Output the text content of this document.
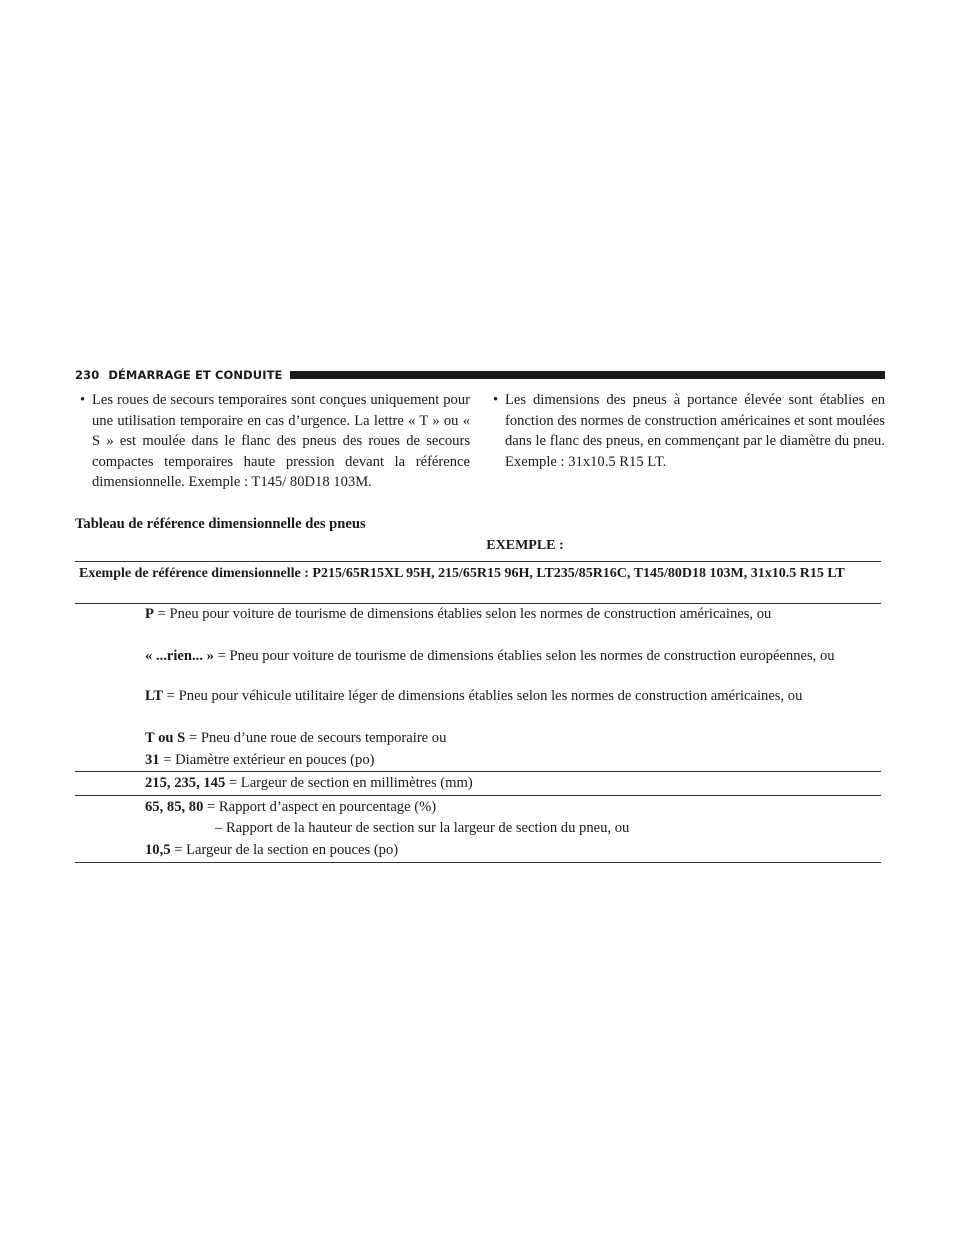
230 DÉMARRAGE ET CONDUITE
• Les roues de secours temporaires sont conçues uniquement pour une utilisation temporaire en cas d’urgence. La lettre « T » ou « S » est moulée dans le flanc des pneus des roues de secours compactes temporaires haute pression devant la référence dimensionnelle. Exemple : T145/ 80D18 103M.
• Les dimensions des pneus à portance élevée sont établies en fonction des normes de construction américaines et sont moulées dans le flanc des pneus, en commençant par le diamètre du pneu. Exemple : 31x10.5 R15 LT.
Tableau de référence dimensionnelle des pneus
EXEMPLE :
Exemple de référence dimensionnelle : P215/65R15XL 95H, 215/65R15 96H, LT235/85R16C, T145/80D18 103M, 31x10.5 R15 LT
P = Pneu pour voiture de tourisme de dimensions établies selon les normes de construction américaines, ou
« ...rien... » = Pneu pour voiture de tourisme de dimensions établies selon les normes de construction européennes, ou
LT = Pneu pour véhicule utilitaire léger de dimensions établies selon les normes de construction américaines, ou
T ou S = Pneu d’une roue de secours temporaire ou
31 = Diamètre extérieur en pouces (po)
215, 235, 145 = Largeur de section en millimètres (mm)
65, 85, 80 = Rapport d’aspect en pourcentage (%)
– Rapport de la hauteur de section sur la largeur de section du pneu, ou
10,5 = Largeur de la section en pouces (po)
